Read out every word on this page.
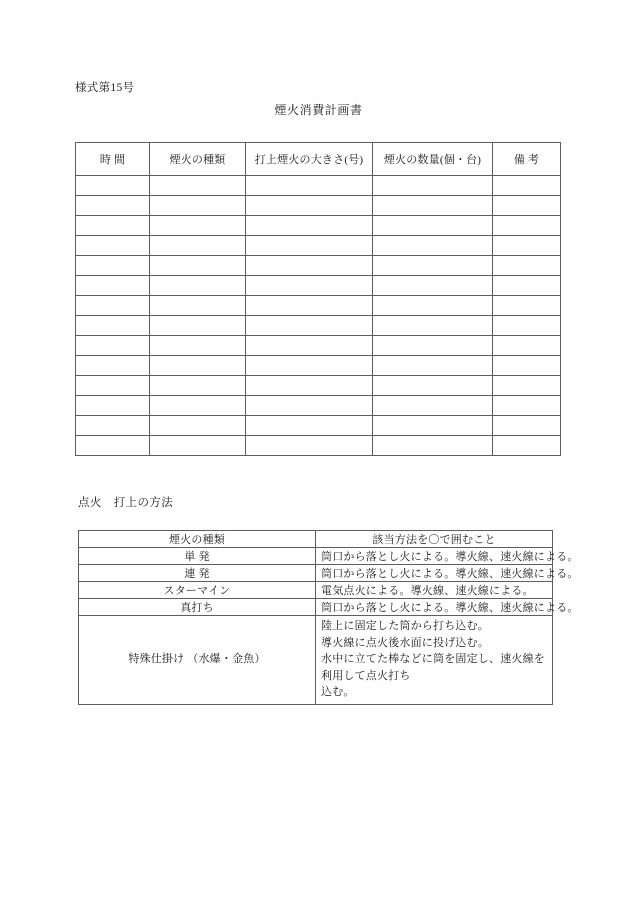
様式第15号
煙火消費計画書
時 間	煙火の種類	打上煙火の大きさ(号)	煙火の数量(個・台)	備 考

点火　打上の方法
煙火の種類	該当方法を〇で囲むこと
単 発	筒口から落とし火による。導火線、速火線による。
連 発	筒口から落とし火による。導火線、速火線による。
スターマイン	電気点火による。導火線、速火線による。
真打ち	筒口から落とし火による。導火線、速火線による。
特殊仕掛け （水爆・金魚）	陸上に固定した筒から打ち込む。
導火線に点火後水面に投げ込む。
水中に立てた棒などに筒を固定し、速火線を利用して点火打ち
込む。
